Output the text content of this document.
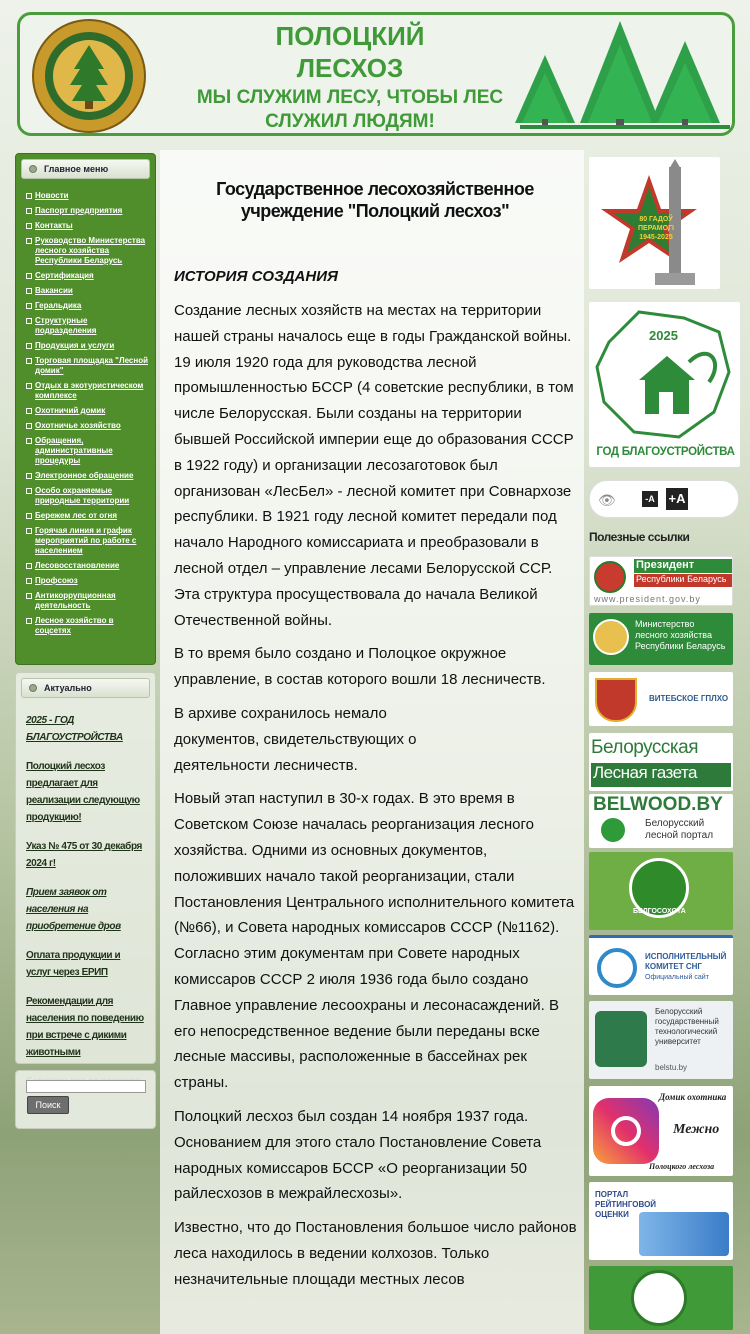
ПОЛОЦКИЙ
ЛЕСХОЗ
МЫ СЛУЖИМ ЛЕСУ, ЧТОБЫ ЛЕС
СЛУЖИЛ ЛЮДЯМ!
Главное меню
Новости
Паспорт предприятия
Контакты
Руководство Министерства лесного хозяйства Республики Беларусь
Сертификация
Вакансии
Геральдика
Структурные подразделения
Продукция и услуги
Торговая площадка "Лесной домик"
Отдых в экотуристическом комплексе
Охотничий домик
Охотничье хозяйство
Обращения, административные процедуры
Электронное обращение
Особо охраняемые природные территории
Бережем лес от огня
Горячая линия и график мероприятий по работе с населением
Лесовосстановление
Профсоюз
Антикоррупционная деятельность
Лесное хозяйство в соцсетях
Актуально
2025 - ГОД БЛАГОУСТРОЙСТВА
Полоцкий лесхоз предлагает для реализации следующую продукцию!
Указ № 475 от 30 декабря 2024 г!
Прием заявок от населения на приобретение дров
Оплата продукции и услуг через ЕРИП
Рекомендации для населения по поведению при встрече с дикими животными
Поиск
Государственное лесохозяйственное учреждение "Полоцкий лесхоз"
ИСТОРИЯ СОЗДАНИЯ

Создание лесных хозяйств на местах на территории нашей страны началось еще в годы Гражданской войны. 19 июля 1920 года для руководства лесной промышленностью БССР (4 советские республики, в том числе Белорусская. Были созданы на территории бывшей Российской империи еще до образования СССР в 1922 году) и организации лесозаготовок был организован «ЛесБел» - лесной комитет при Совнархозе республики. В 1921 году лесной комитет передали под начало Народного комиссариата и преобразовали в лесной отдел – управление лесами Белорусской ССР. Эта структура просуществовала до начала Великой Отечественной войны.

В то время было создано и Полоцкое окружное управление, в состав которого вошли 18 лесничеств.

В архиве сохранилось немало документов, свидетельствующих о деятельности лесничеств.

Новый этап наступил в 30-х годах. В это время в Советском Союзе началась реорганизация лесного хозяйства. Одними из основных документов, положивших начало такой реорганизации, стали Постановления Центрального исполнительного комитета (№66), и Совета народных комиссаров СССР (№1162). Согласно этим документам при Совете народных комиссаров СССР 2 июля 1936 года было создано Главное управление лесоохраны и лесонасаждений. В его непосредственное ведение были переданы вске лесные массивы, расположенные в бассейнах рек страны.

Полоцкий лесхоз был создан 14 ноября 1937 года. Основанием для этого стало Постановление Совета народных комиссаров БССР «О реорганизации 50 райлесхозов в межрайлесхозы».

Известно, что до Постановления большое число районов леса находилось в ведении колхозов. Только незначительные площади местных лесов

80 ГАДОЎ ПЕРАМОГІ 1945-2025
2025
ГОД БЛАГОУСТРОЙСТВА
👁	-A +A
Полезные ссылки
Президент
Республики Беларусь
www.president.gov.by
Министерство
лесного хозяйства
Республики Беларусь
ВИТЕБСКОЕ ГПЛХО
Белорусская
Лесная газета
BELWOOD.BY
Белорусский
лесной портал
БЕЛГОСОХОТА
ИСПОЛНИТЕЛЬНЫЙ
КОМИТЕТ СНГ
Официальный сайт
Белорусский
государственный
технологический
университет
belstu.by
Домик охотника
Межно
Полоцкого лесхоза
ПОРТАЛ
РЕЙТИНГОВОЙ
ОЦЕНКИ
